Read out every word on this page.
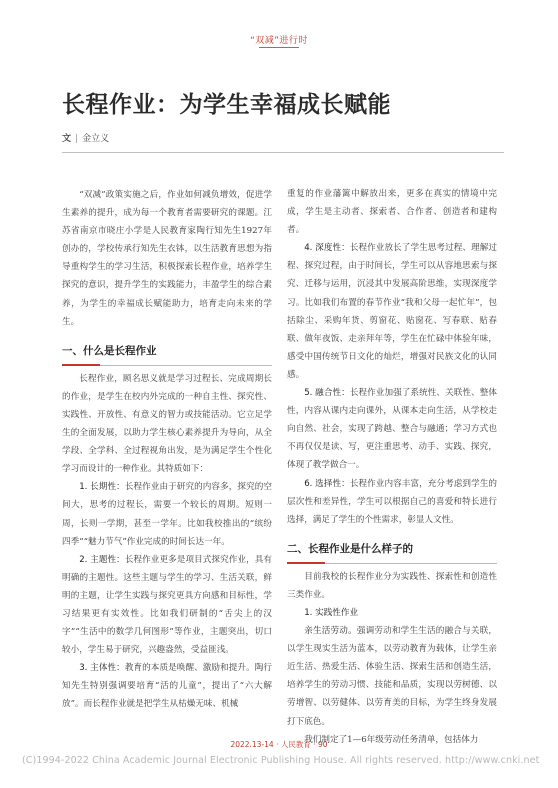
“双减”进行时
长程作业：为学生幸福成长赋能
文 | 金立义

“双减”政策实施之后，作业如何减负增效，促进学生素养的提升，成为每一个教育者需要研究的课题。江苏省南京市晓庄小学是人民教育家陶行知先生1927年创办的，学校传承行知先生衣钵，以生活教育思想为指导重构学生的学习生活，积极探索长程作业，培养学生探究的意识，提升学生的实践能力，丰盈学生的综合素养，为学生的幸福成长赋能助力，培育走向未来的学生。

一、什么是长程作业

长程作业，顾名思义就是学习过程长、完成周期长的作业，是学生在校内外完成的一种自主性、探究性、实践性、开放性、有意义的智力或技能活动。它立足学生的全面发展，以助力学生核心素养提升为导向，从全学段、全学科、全过程视角出发，是为满足学生个性化学习而设计的一种作业。其特质如下：

1. 长期性：长程作业由于研究的内容多，探究的空间大，思考的过程长，需要一个较长的周期。短则一周，长则一学期，甚至一学年。比如我校推出的“缤纷四季”“魅力节气”作业完成的时间长达一年。

2. 主题性：长程作业更多是项目式探究作业，具有明确的主题性。这些主题与学生的学习、生活关联，鲜明的主题，让学生实践与探究更具方向感和目标性，学习结果更有实效性。比如我们研制的“舌尖上的汉字”“生活中的数学几何图形”等作业，主题突出，切口较小，学生易于研究，兴趣盎然，受益匪浅。

3. 主体性：教育的本质是唤醒、激励和提升。陶行知先生特别强调要培育“活的儿童”，提出了“六大解放”。而长程作业就是把学生从枯燥无味、机械

重复的作业藩篱中解放出来，更多在真实的情境中完成，学生是主动者、探索者、合作者、创造者和建构者。

4. 深度性：长程作业放长了学生思考过程、理解过程、探究过程，由于时间长，学生可以从容地思索与探究、迁移与运用，沉浸其中发展高阶思维，实现深度学习。比如我们布置的春节作业“我和父母一起忙年”，包括除尘、采购年货、剪窗花、贴窗花、写春联、贴春联、做年夜饭、走亲拜年等，学生在忙碌中体验年味，感受中国传统节日文化的灿烂，增强对民族文化的认同感。

5. 融合性：长程作业加强了系统性、关联性、整体性，内容从课内走向课外，从课本走向生活，从学校走向自然、社会，实现了跨越、整合与融通；学习方式也不再仅仅是读、写，更注重思考、动手、实践、探究，体现了教学做合一。

6. 选择性：长程作业内容丰富，充分考虑到学生的层次性和差异性，学生可以根据自己的喜爱和特长进行选择，满足了学生的个性需求，彰显人文性。

二、长程作业是什么样子的

目前我校的长程作业分为实践性、探索性和创造性三类作业。

1. 实践性作业

亲生活劳动。强调劳动和学生生活的融合与关联，以学生现实生活为蓝本，以劳动教育为载体，让学生亲近生活、热爱生活、体验生活、探索生活和创造生活，培养学生的劳动习惯、技能和品质，实现以劳树德、以劳增智、以劳健体、以劳育美的目标，为学生终身发展打下底色。

我们制定了1—6年级劳动任务清单，包括体力

2022.13-14 · 人民教育 · 90
(C)1994-2022 China Academic Journal Electronic Publishing House. All rights reserved. http://www.cnki.net
